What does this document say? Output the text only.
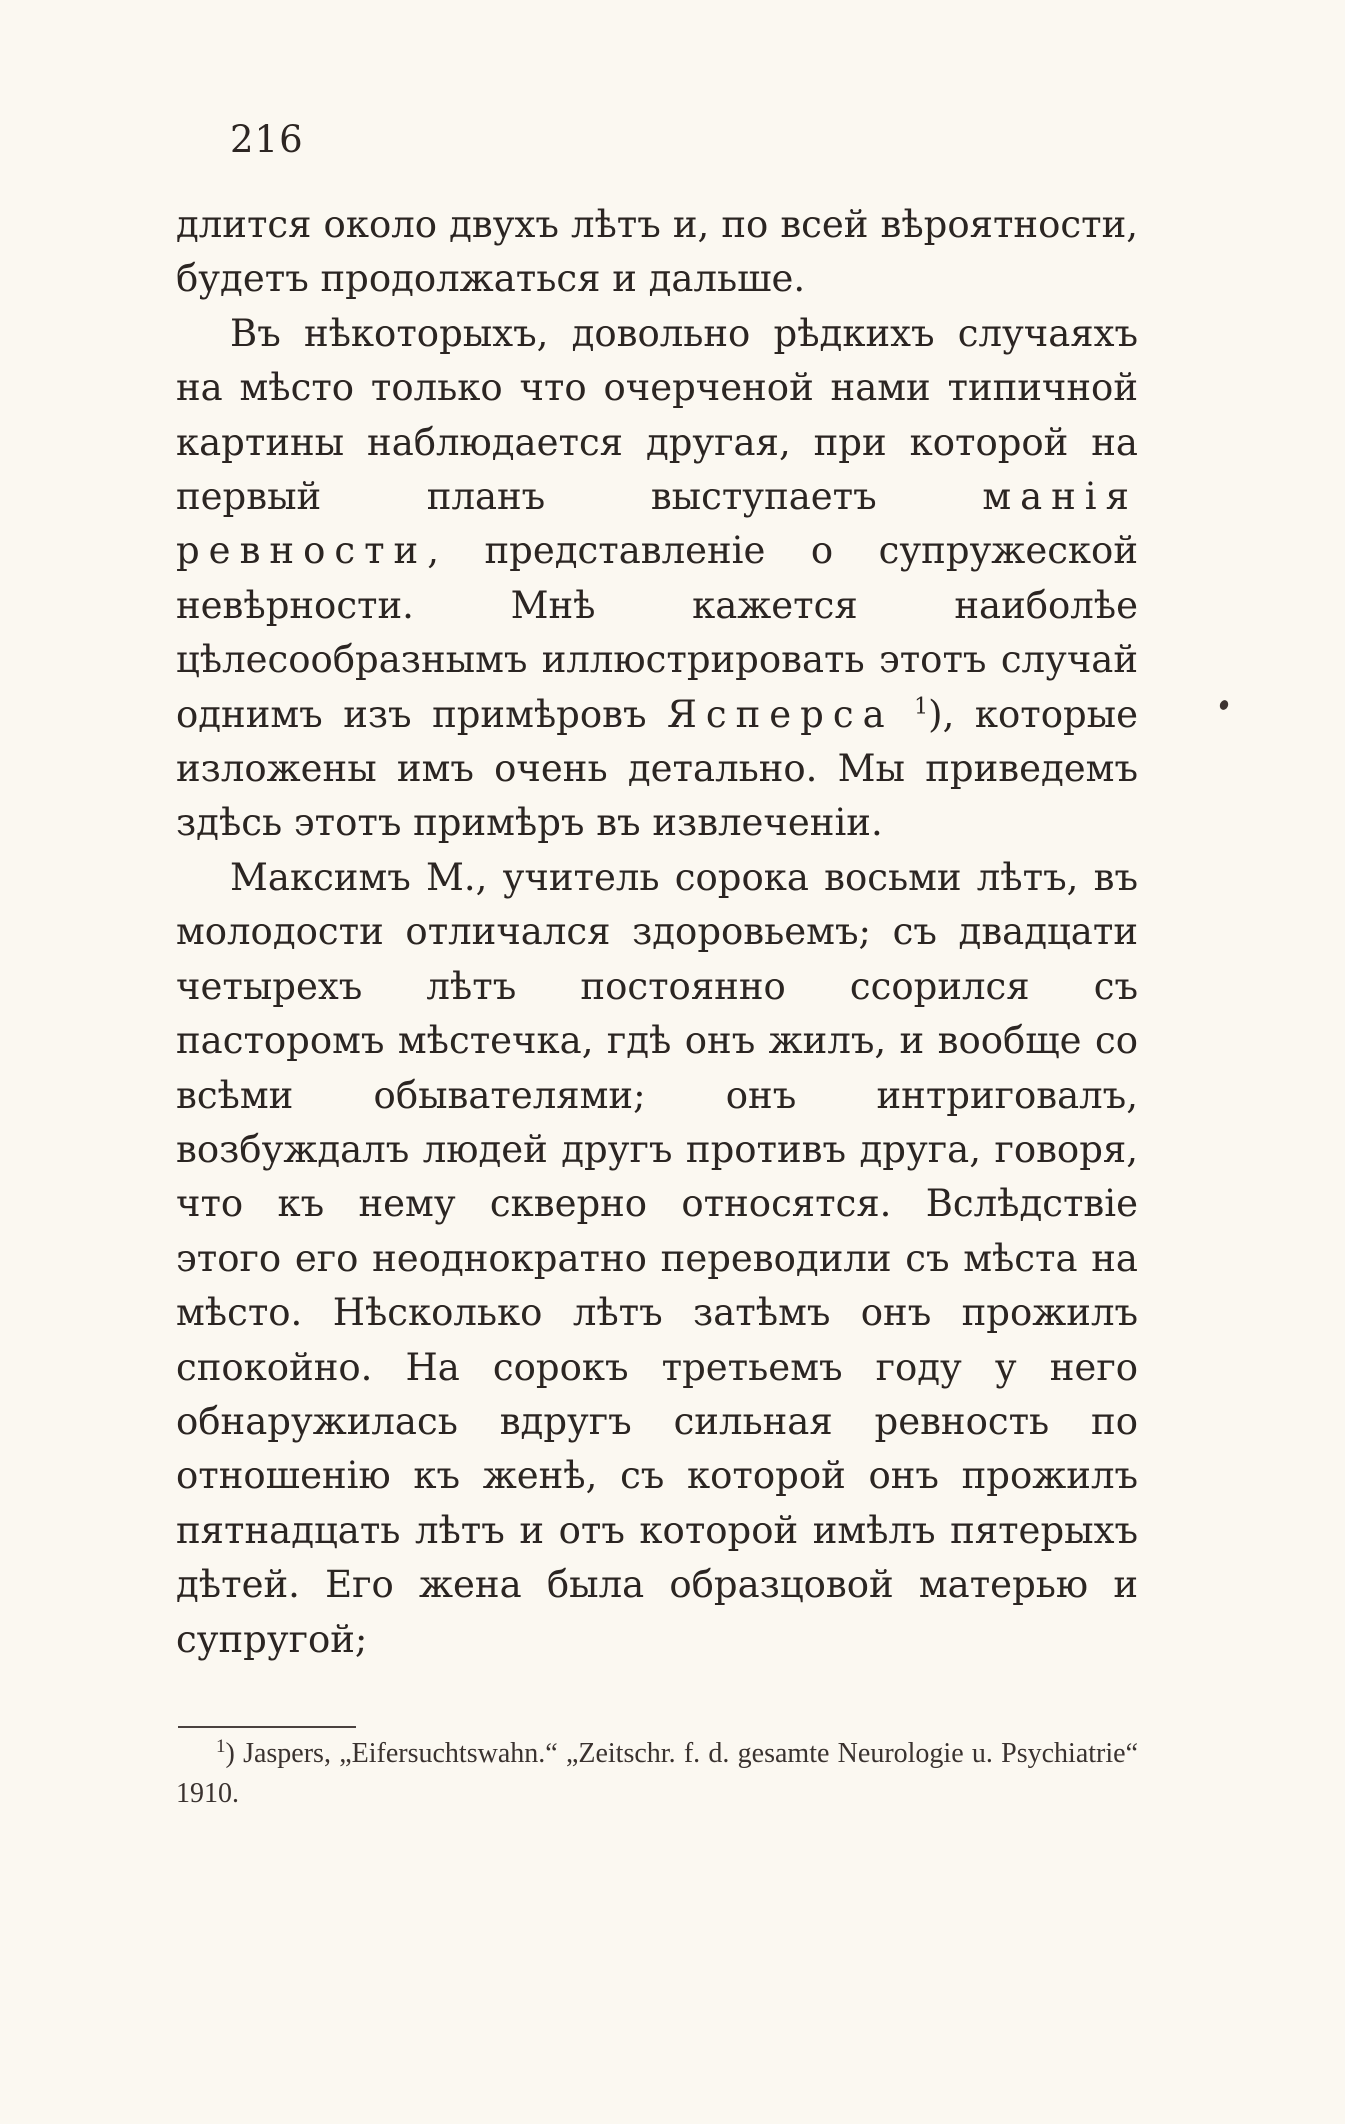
216

длится около двухъ лѣтъ и, по всей вѣроятности, будетъ продолжаться и дальше.

Въ нѣкоторыхъ, довольно рѣдкихъ случаяхъ на мѣсто только что очерченой нами типичной картины наблюдается другая, при которой на первый планъ выступаетъ манія ревности, представленіе о супружеской невѣрности. Мнѣ кажется наиболѣе цѣлесообразнымъ иллюстрировать этотъ случай однимъ изъ примѣровъ Ясперса $^1$), которые изложены имъ очень детально. Мы приведемъ здѣсь этотъ примѣръ въ извлеченіи.

Максимъ М., учитель сорока восьми лѣтъ, въ молодости отличался здоровьемъ; съ двадцати четырехъ лѣтъ постоянно ссорился съ пасторомъ мѣстечка, гдѣ онъ жилъ, и вообще со всѣми обывателями; онъ интриговалъ, возбуждалъ людей другъ противъ друга, говоря, что къ нему скверно относятся. Вслѣдствіе этого его неоднократно переводили съ мѣста на мѣсто. Нѣсколько лѣтъ затѣмъ онъ прожилъ спокойно. На сорокъ третьемъ году у него обнаружилась вдругъ сильная ревность по отношенію къ женѣ, съ которой онъ прожилъ пятнадцать лѣтъ и отъ которой имѣлъ пятерыхъ дѣтей. Его жена была образцовой матерью и супругой;

$^1$) Jaspers, „Eifersuchtswahn.“ „Zeitschr. f. d. gesamte Neurologie u. Psychiatrie“ 1910.
